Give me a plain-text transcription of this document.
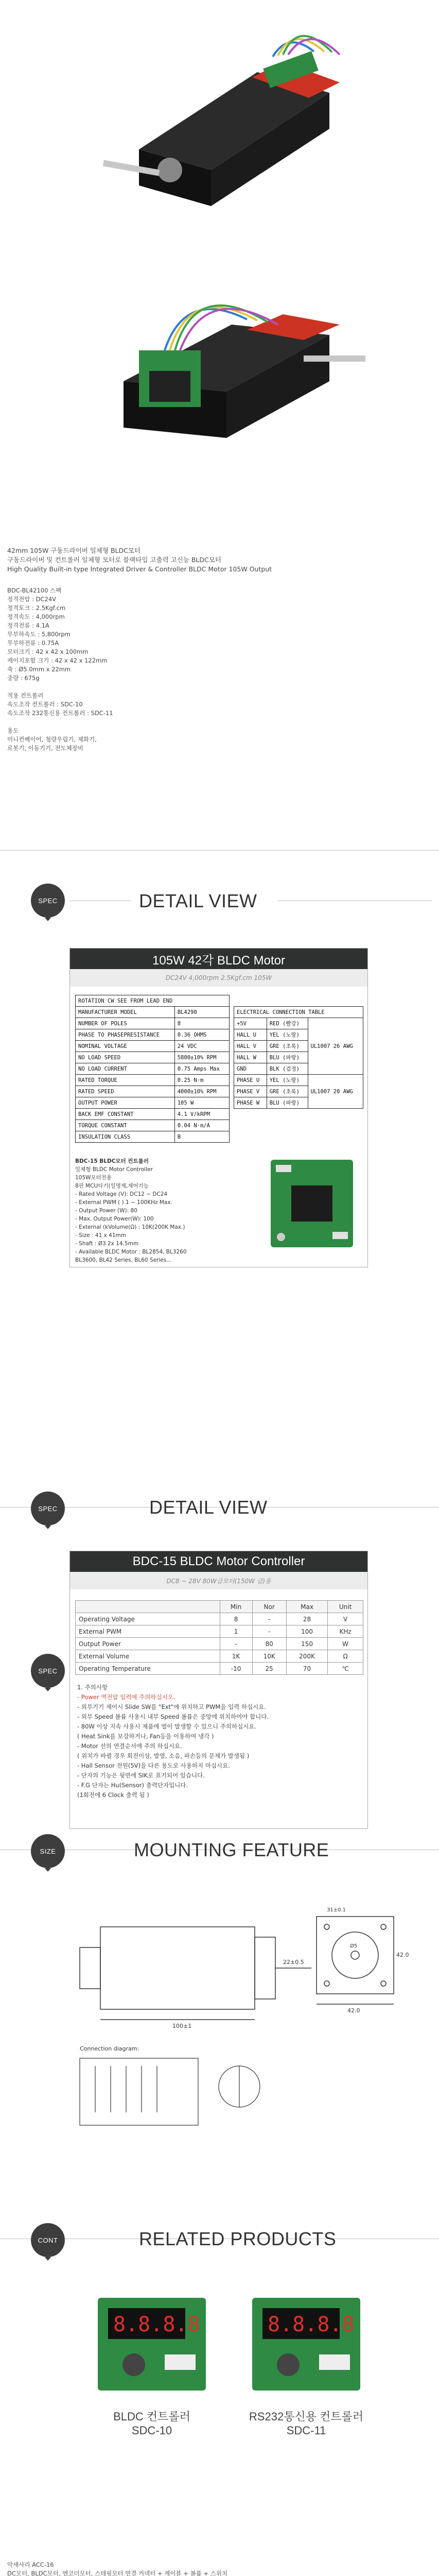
42mm 105W 구동드라이버 일체형 BLDC모터
구동드라이버 및 컨트롤러 일체형 모터로 블랙타입 고출력 고신능 BLDC모터
High Quality Built-in type Integrated Driver & Controller BLDC Motor 105W Output
BDC-BL42100 스펙
정격전압 : DC24V
정격토크 : 2.5Kgf.cm
정격속도 : 4,000rpm
정격전류 : 4.1A
무부하속도 : 5,800rpm
무부하전류 : 0.75A
모터크기 : 42 x 42 x 100mm
케이지포함 크기 : 42 x 42 x 122mm
축 : Ø5.0mm x 22mm
중량 : 675g

적용 컨트롤러
속도조작 컨트롤러 : SDC-10
속도조작 232통신용 컨트롤러 : SDC-11

용도
미니컨베이어, 청량우림기, 제화기,
로봇기, 이동기기, 전도체장비
SPEC
SPEC	DETAIL VIEW
105W 42각 BLDC Motor
DC24V 4,000rpm 2.5Kgf.cm 105W
ROTATION CW SEE FROM LEAD END	
MANUFACTURER MODEL	BL4290
NUMBER OF POLES	8
PHASE TO PHASEPRESISTANCE	0.36 OHMS
NOMINAL VOLTAGE	24 VDC
NO LOAD SPEED	5800±10% RPM
NO LOAD CURRENT	0.75 Amps Max
RATED TORQUE	0.25 N·m
RATED SPEED	4000±10% RPM
OUTPUT POWER	105 W
BACK EMF CONSTANT	4.1 V/kRPM
TORQUE CONSTANT	0.04 N·m/A
INSULATION CLASS	B
ELECTRICAL CONNECTION TABLE		
+5V	RED (빨강)	UL1007 26 AWG
HALL U	YEL (노랑)	
HALL V	GRE (초록)	
HALL W	BLU (파랑)	
GND	BLK (검정)	
PHASE U	YEL (노랑)	UL1007 20 AWG
PHASE V	GRE (초록)	
PHASE W	BLU (파랑)	
BDC-15 BLDC모터 컨트롤러
일체형 BLDC Motor Controller
105W모터전용
8핀 MCU타기(일명제,제어기능
- Rated Voltage (V): DC12 ~ DC24
- External PWM ( ) 1 ~ 100KHz Max.
- Output Power (W): 80
- Max. Output Power(W): 100
- External (kVolume(Ω) : 10K(200K Max.)
- Size : 41 x 41mm
- Shaft : Ø3 2x 14.5mm
- Available BLDC Motor : BL2854, BL3260
BL3600, BL42 Series, BL60 Series...
SPEC	DETAIL VIEW
BDC-15 BLDC Motor Controller
DC8 ~ 28V 80W급모터(150W 급)용
	Min	Nor	Max	Unit
Operating Voltage	8	-	28	V
External PWM	1	-	100	KHz
Output Power	-	80	150	W
External Volume	1K	10K	200K	Ω
Operating Temperature	-10	25	70	℃
1. 주의사항
- Power 역전압 입력에 주의하십시오.
- 외부기기 제어시 Slide SW를 "Ext"에 위치하고 PWM을 입력 하십시요.
- 외부 Speed 볼륨 사용시 내부 Speed 볼륨은 중앙에 위치하여야 합니다.
- 80W 이상 지속 사용시 제품에 열이 발생할 수 있으니 주의하십시요.
( Heat Sink를 보강하거나, Fan등을 이용하여 냉각 )
- Motor 선의 연결순서에 주의 하십시요.
( 위치가 바뀔 경우 회전이상, 발열, 소음, 파손등의 문제가 발생됨 )
- Hall Sensor 전원(5V)을 다른 용도로 사용하지 마십시요.
- 단자의 기능은 뒷면에 SIK로 표기되어 있습니다.
- F.G 단자는 Hu(Sensor) 출력단자입니다.
(1회전에 6 Clock 출력 됨 )
SIZE	MOUNTING FEATURE
100±1
42.0
22±0.5
42.0
Ø5
31±0.1
Connection diagram:
CONT	RELATED PRODUCTS
8.8.8.8
BLDC 컨트롤러
SDC-10
8.8.8.8
RS232통신용 컨트롤러
SDC-11
악세사리 ACC-16
DC모터, BLDC모터, 엔코더모터, 스테핑모터 연결 커넥터 + 케이블 + 볼륨 + 스위치
